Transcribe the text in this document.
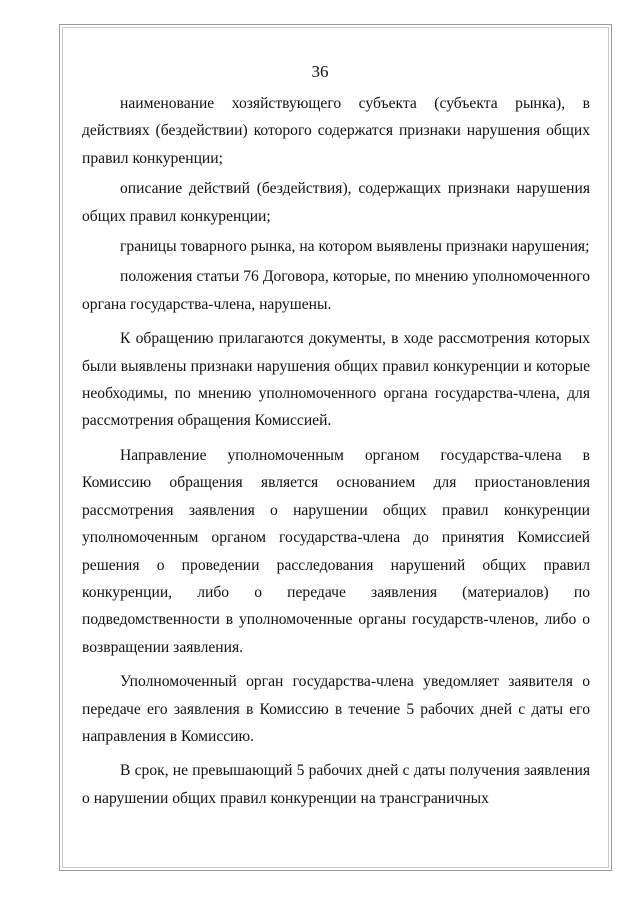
36

наименование хозяйствующего субъекта (субъекта рынка), в действиях (бездействии) которого содержатся признаки нарушения общих правил конкуренции;

описание действий (бездействия), содержащих признаки нарушения общих правил конкуренции;

границы товарного рынка, на котором выявлены признаки нарушения;

положения статьи 76 Договора, которые, по мнению уполномоченного органа государства-члена, нарушены.

К обращению прилагаются документы, в ходе рассмотрения которых были выявлены признаки нарушения общих правил конкуренции и которые необходимы, по мнению уполномоченного органа государства-члена, для рассмотрения обращения Комиссией.

Направление уполномоченным органом государства-члена в Комиссию обращения является основанием для приостановления рассмотрения заявления о нарушении общих правил конкуренции уполномоченным органом государства-члена до принятия Комиссией решения о проведении расследования нарушений общих правил конкуренции, либо о передаче заявления (материалов) по подведомственности в уполномоченные органы государств-членов, либо о возвращении заявления.

Уполномоченный орган государства-члена уведомляет заявителя о передаче его заявления в Комиссию в течение 5 рабочих дней с даты его направления в Комиссию.

В срок, не превышающий 5 рабочих дней с даты получения заявления о нарушении общих правил конкуренции на трансграничных
